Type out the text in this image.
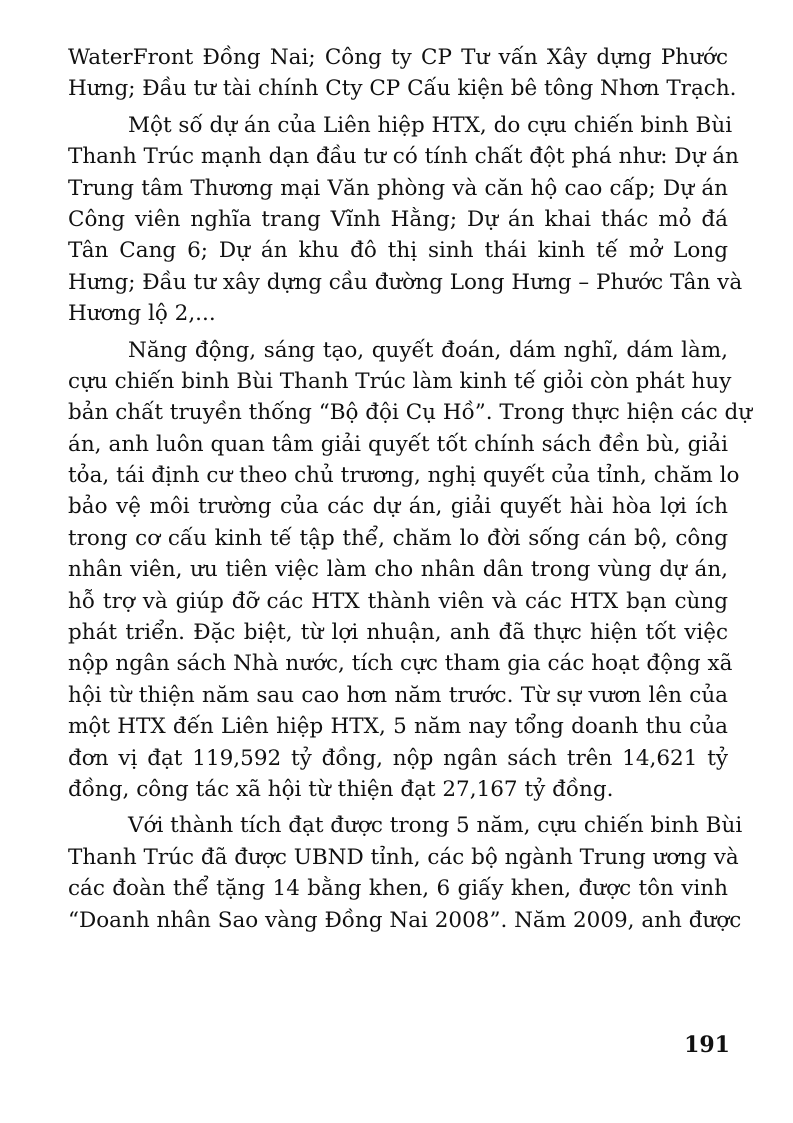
WaterFront Đồng Nai; Công ty CP Tư vấn Xây dựng Phước
Hưng; Đầu tư tài chính Cty CP Cấu kiện bê tông Nhơn Trạch.
Một số dự án của Liên hiệp HTX, do cựu chiến binh Bùi
Thanh Trúc mạnh dạn đầu tư có tính chất đột phá như: Dự án
Trung tâm Thương mại Văn phòng và căn hộ cao cấp; Dự án
Công viên nghĩa trang Vĩnh Hằng; Dự án khai thác mỏ đá
Tân Cang 6; Dự án khu đô thị sinh thái kinh tế mở Long
Hưng; Đầu tư xây dựng cầu đường Long Hưng – Phước Tân và
Hương lộ 2,...
Năng động, sáng tạo, quyết đoán, dám nghĩ, dám làm,
cựu chiến binh Bùi Thanh Trúc làm kinh tế giỏi còn phát huy
bản chất truyền thống “Bộ đội Cụ Hồ”. Trong thực hiện các dự
án, anh luôn quan tâm giải quyết tốt chính sách đền bù, giải
tỏa, tái định cư theo chủ trương, nghị quyết của tỉnh, chăm lo
bảo vệ môi trường của các dự án, giải quyết hài hòa lợi ích
trong cơ cấu kinh tế tập thể, chăm lo đời sống cán bộ, công
nhân viên, ưu tiên việc làm cho nhân dân trong vùng dự án,
hỗ trợ và giúp đỡ các HTX thành viên và các HTX bạn cùng
phát triển. Đặc biệt, từ lợi nhuận, anh đã thực hiện tốt việc
nộp ngân sách Nhà nước, tích cực tham gia các hoạt động xã
hội từ thiện năm sau cao hơn năm trước. Từ sự vươn lên của
một HTX đến Liên hiệp HTX, 5 năm nay tổng doanh thu của
đơn vị đạt 119,592 tỷ đồng, nộp ngân sách trên 14,621 tỷ
đồng, công tác xã hội từ thiện đạt 27,167 tỷ đồng.
Với thành tích đạt được trong 5 năm, cựu chiến binh Bùi
Thanh Trúc đã được UBND tỉnh, các bộ ngành Trung ương và
các đoàn thể tặng 14 bằng khen, 6 giấy khen, được tôn vinh
“Doanh nhân Sao vàng Đồng Nai 2008”. Năm 2009, anh được
191
